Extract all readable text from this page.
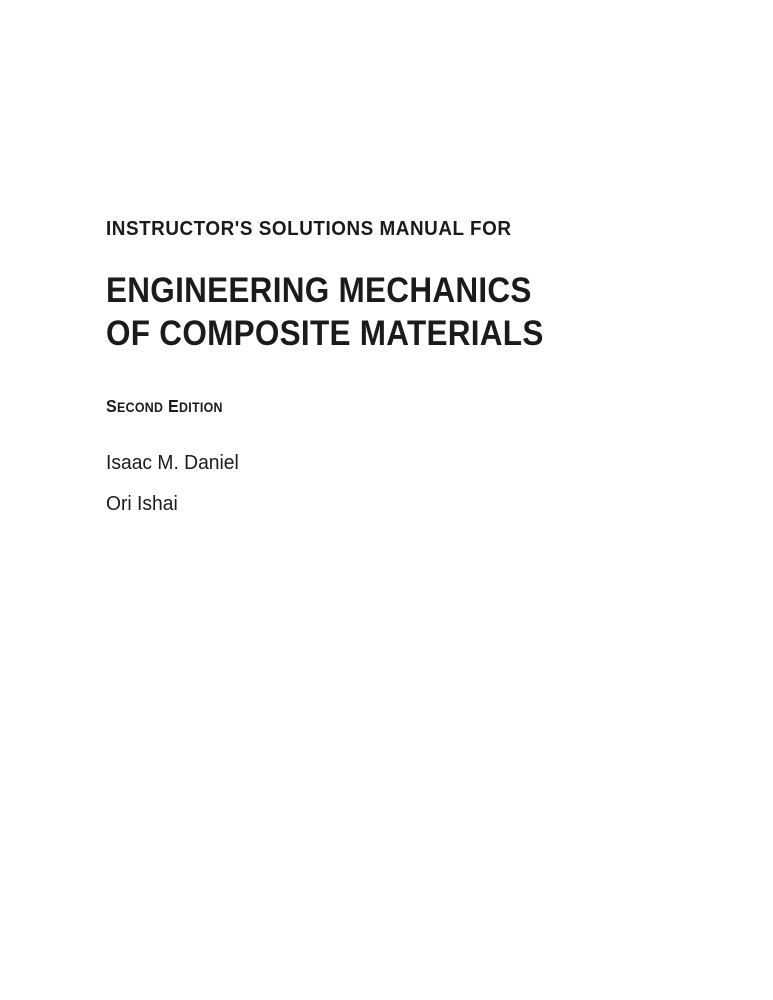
INSTRUCTOR'S SOLUTIONS MANUAL FOR

ENGINEERING MECHANICS
OF COMPOSITE MATERIALS

SECOND EDITION

Isaac M. Daniel

Ori Ishai
